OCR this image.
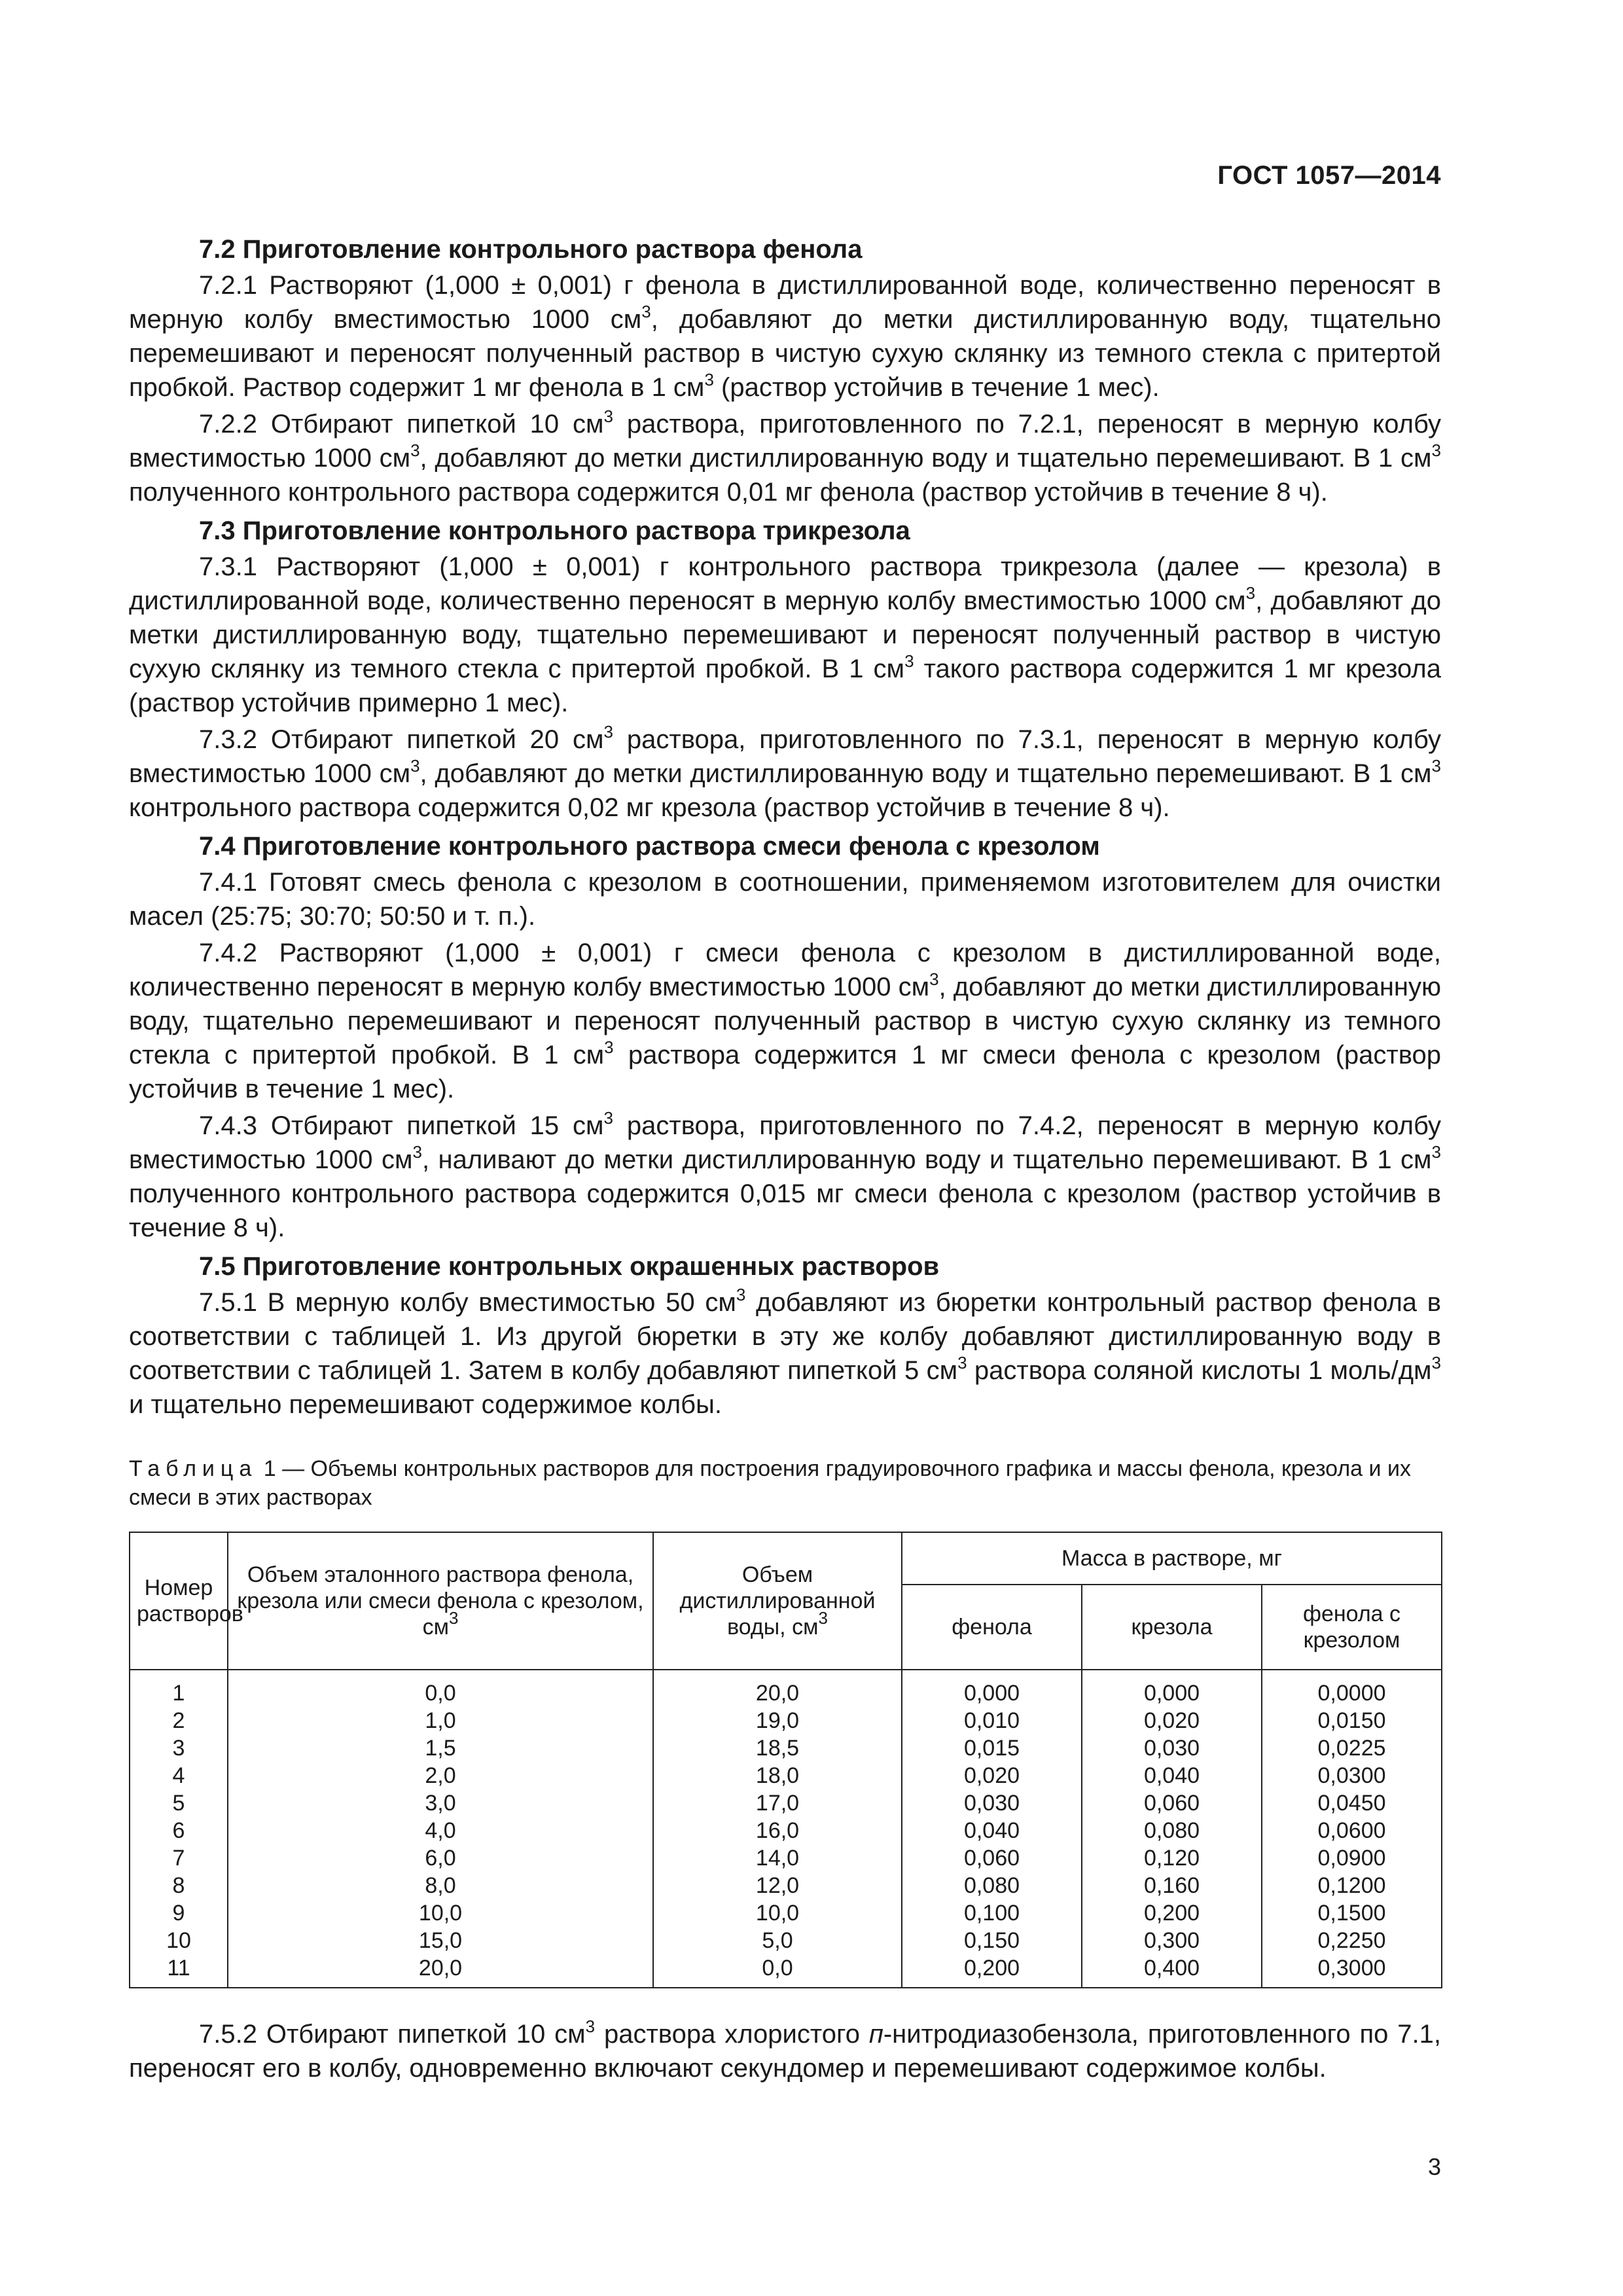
ГОСТ 1057—2014

7.2 Приготовление контрольного раствора фенола

7.2.1 Растворяют (1,000 ± 0,001) г фенола в дистиллированной воде, количественно переносят в мерную колбу вместимостью 1000 $см^3$, добавляют до метки дистиллированную воду, тщательно перемешивают и переносят полученный раствор в чистую сухую склянку из темного стекла с притертой пробкой. Раствор содержит 1 мг фенола в 1 $см^3$ (раствор устойчив в течение 1 мес).

7.2.2 Отбирают пипеткой 10 $см^3$ раствора, приготовленного по 7.2.1, переносят в мерную колбу вместимостью 1000 $см^3$, добавляют до метки дистиллированную воду и тщательно перемешивают. В 1 $см^3$ полученного контрольного раствора содержится 0,01 мг фенола (раствор устойчив в течение 8 ч).

7.3 Приготовление контрольного раствора трикрезола

7.3.1 Растворяют (1,000 ± 0,001) г контрольного раствора трикрезола (далее — крезола) в дистиллированной воде, количественно переносят в мерную колбу вместимостью 1000 $см^3$, добавляют до метки дистиллированную воду, тщательно перемешивают и переносят полученный раствор в чистую сухую склянку из темного стекла с притертой пробкой. В 1 $см^3$ такого раствора содержится 1 мг крезола (раствор устойчив примерно 1 мес).

7.3.2 Отбирают пипеткой 20 $см^3$ раствора, приготовленного по 7.3.1, переносят в мерную колбу вместимостью 1000 $см^3$, добавляют до метки дистиллированную воду и тщательно перемешивают. В 1 $см^3$ контрольного раствора содержится 0,02 мг крезола (раствор устойчив в течение 8 ч).

7.4 Приготовление контрольного раствора смеси фенола с крезолом

7.4.1 Готовят смесь фенола с крезолом в соотношении, применяемом изготовителем для очистки масел (25:75; 30:70; 50:50 и т. п.).

7.4.2 Растворяют (1,000 ± 0,001) г смеси фенола с крезолом в дистиллированной воде, количественно переносят в мерную колбу вместимостью 1000 $см^3$, добавляют до метки дистиллированную воду, тщательно перемешивают и переносят полученный раствор в чистую сухую склянку из темного стекла с притертой пробкой. В 1 $см^3$ раствора содержится 1 мг смеси фенола с крезолом (раствор устойчив в течение 1 мес).

7.4.3 Отбирают пипеткой 15 $см^3$ раствора, приготовленного по 7.4.2, переносят в мерную колбу вместимостью 1000 $см^3$, наливают до метки дистиллированную воду и тщательно перемешивают. В 1 $см^3$ полученного контрольного раствора содержится 0,015 мг смеси фенола с крезолом (раствор устойчив в течение 8 ч).

7.5 Приготовление контрольных окрашенных растворов

7.5.1 В мерную колбу вместимостью 50 $см^3$ добавляют из бюретки контрольный раствор фенола в соответствии с таблицей 1. Из другой бюретки в эту же колбу добавляют дистиллированную воду в соответствии с таблицей 1. Затем в колбу добавляют пипеткой 5 $см^3$ раствора соляной кислоты 1 моль/$дм^3$ и тщательно перемешивают содержимое колбы.

Таблица 1 — Объемы контрольных растворов для построения градуировочного графика и массы фенола, крезола и их смеси в этих растворах
Номер растворов	Объем эталонного раствора фенола, крезола или смеси фенола с крезолом, $см^3$	Объем дистиллированной воды, $см^3$	Масса в растворе, мг		
			фенола	крезола	фенола с крезолом
1	0,0	20,0	0,000	0,000	0,0000
2	1,0	19,0	0,010	0,020	0,0150
3	1,5	18,5	0,015	0,030	0,0225
4	2,0	18,0	0,020	0,040	0,0300
5	3,0	17,0	0,030	0,060	0,0450
6	4,0	16,0	0,040	0,080	0,0600
7	6,0	14,0	0,060	0,120	0,0900
8	8,0	12,0	0,080	0,160	0,1200
9	10,0	10,0	0,100	0,200	0,1500
10	15,0	5,0	0,150	0,300	0,2250
11	20,0	0,0	0,200	0,400	0,3000

7.5.2 Отбирают пипеткой 10 $см^3$ раствора хлористого п-нитродиазобензола, приготовленного по 7.1, переносят его в колбу, одновременно включают секундомер и перемешивают содержимое колбы.

3
